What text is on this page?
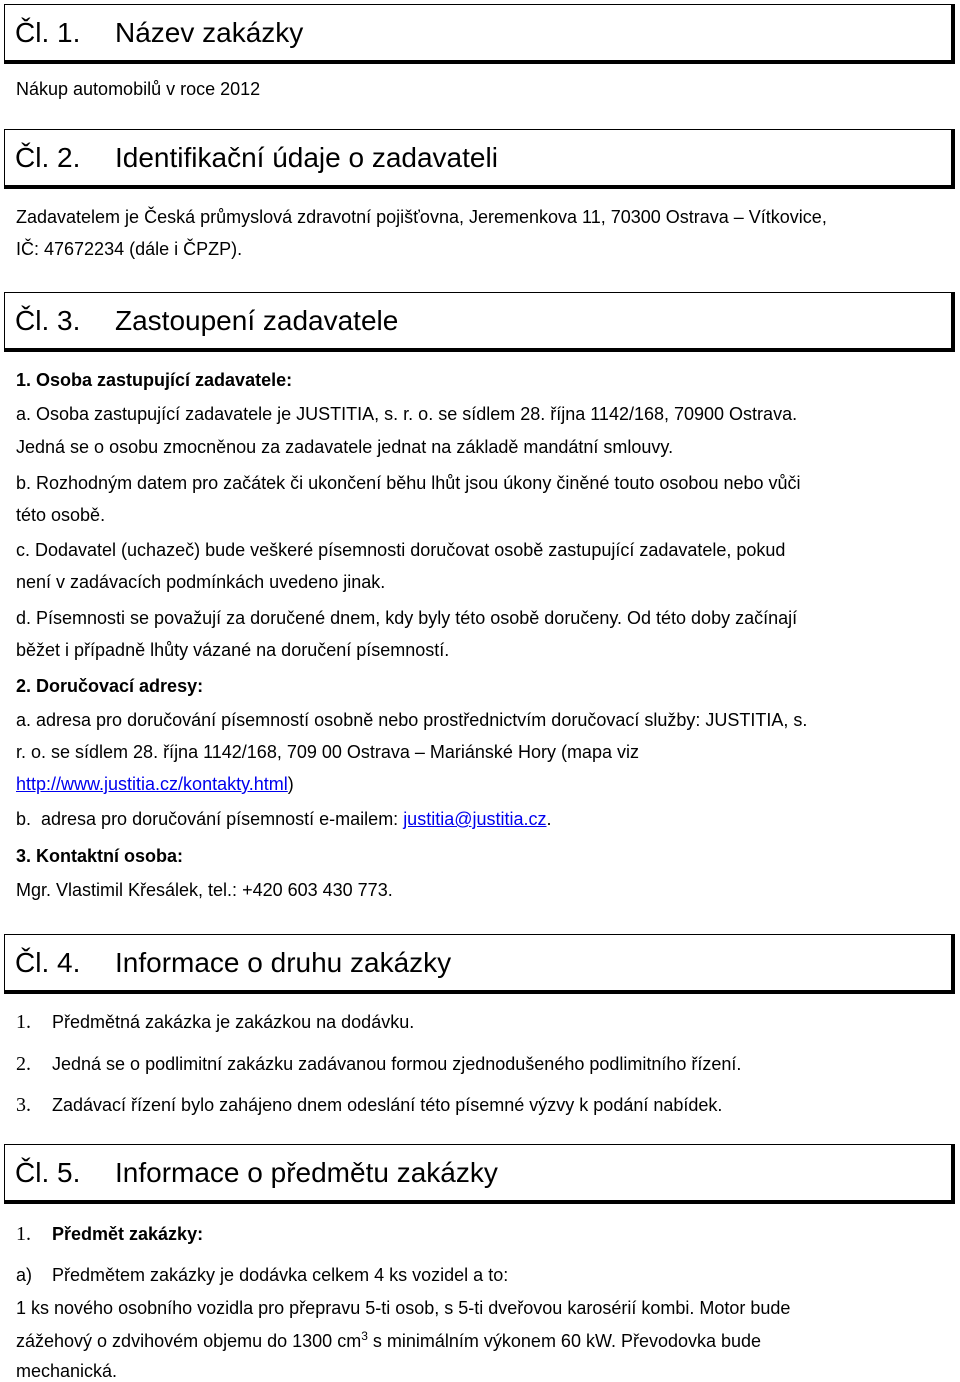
Čl. 1.	Název zakázky
Nákup automobilů v roce 2012
Čl. 2.	Identifikační údaje o zadavateli
Zadavatelem je Česká průmyslová zdravotní pojišťovna, Jeremenkova 11, 70300 Ostrava – Vítkovice,
IČ: 47672234 (dále i ČPZP).
Čl. 3.	Zastoupení zadavatele
1. Osoba zastupující zadavatele:
a. Osoba zastupující zadavatele je JUSTITIA, s. r. o. se sídlem 28. října 1142/168, 70900 Ostrava.
Jedná se o osobu zmocněnou za zadavatele jednat na základě mandátní smlouvy.
b. Rozhodným datem pro začátek či ukončení běhu lhůt jsou úkony činěné touto osobou nebo vůči
této osobě.
c. Dodavatel (uchazeč) bude veškeré písemnosti doručovat osobě zastupující zadavatele, pokud
není v zadávacích podmínkách uvedeno jinak.
d. Písemnosti se považují za doručené dnem, kdy byly této osobě doručeny. Od této doby začínají
běžet i případně lhůty vázané na doručení písemností.
2. Doručovací adresy:
a. adresa pro doručování písemností osobně nebo prostřednictvím doručovací služby: JUSTITIA, s.
r. o. se sídlem 28. října 1142/168, 709 00 Ostrava – Mariánské Hory (mapa viz
http://www.justitia.cz/kontakty.html)
b.  adresa pro doručování písemností e-mailem: justitia@justitia.cz.
3. Kontaktní osoba:
Mgr. Vlastimil Křesálek, tel.: +420 603 430 773.
Čl. 4.	Informace o druhu zakázky
1. Předmětná zakázka je zakázkou na dodávku.
2. Jedná se o podlimitní zakázku zadávanou formou zjednodušeného podlimitního řízení.
3. Zadávací řízení bylo zahájeno dnem odeslání této písemné výzvy k podání nabídek.
Čl. 5.	Informace o předmětu zakázky
1. Předmět zakázky:
a) Předmětem zakázky je dodávka celkem 4 ks vozidel a to:
1 ks nového osobního vozidla pro přepravu 5-ti osob, s 5-ti dveřovou karosérií kombi. Motor bude
zážehový o zdvihovém objemu do 1300 $cm^3$ s minimálním výkonem 60 kW. Převodovka bude
mechanická.
